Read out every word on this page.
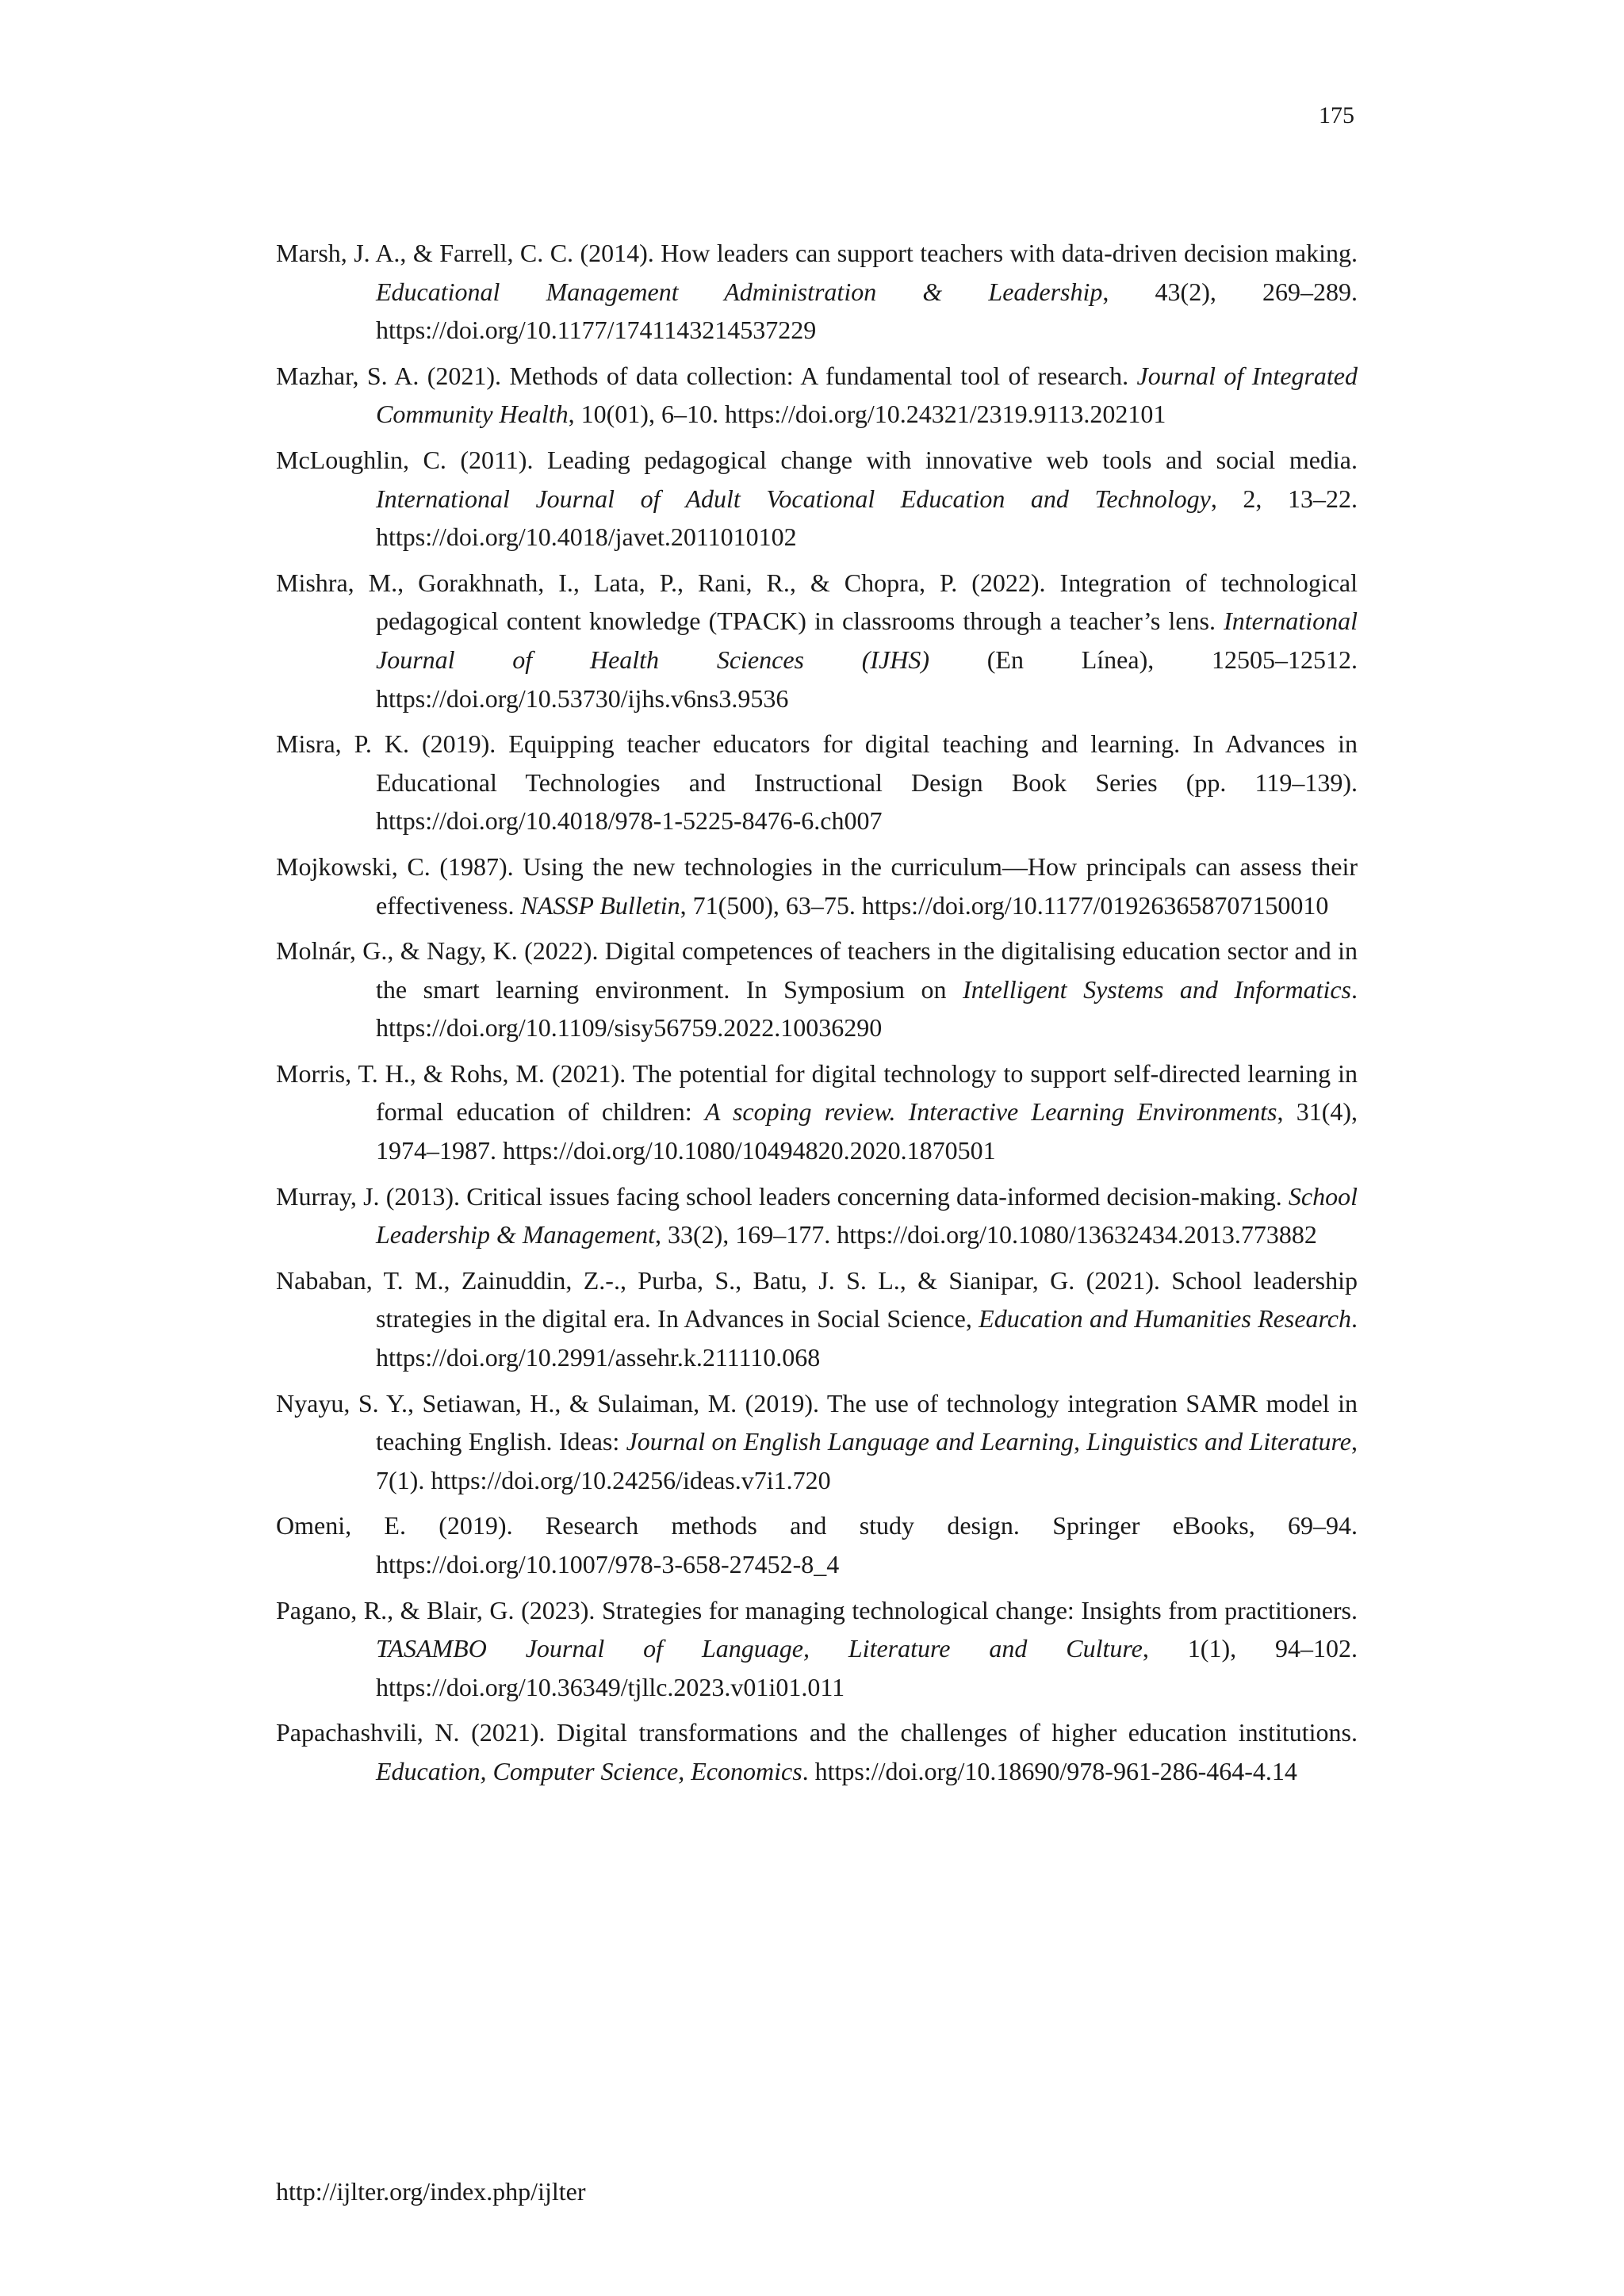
175

Marsh, J. A., & Farrell, C. C. (2014). How leaders can support teachers with data-driven decision making. Educational Management Administration & Leadership, 43(2), 269–289. https://doi.org/10.1177/1741143214537229

Mazhar, S. A. (2021). Methods of data collection: A fundamental tool of research. Journal of Integrated Community Health, 10(01), 6–10. https://doi.org/10.24321/2319.9113.202101

McLoughlin, C. (2011). Leading pedagogical change with innovative web tools and social media. International Journal of Adult Vocational Education and Technology, 2, 13–22. https://doi.org/10.4018/javet.2011010102

Mishra, M., Gorakhnath, I., Lata, P., Rani, R., & Chopra, P. (2022). Integration of technological pedagogical content knowledge (TPACK) in classrooms through a teacher’s lens. International Journal of Health Sciences (IJHS) (En Línea), 12505–12512. https://doi.org/10.53730/ijhs.v6ns3.9536

Misra, P. K. (2019). Equipping teacher educators for digital teaching and learning. In Advances in Educational Technologies and Instructional Design Book Series (pp. 119–139). https://doi.org/10.4018/978-1-5225-8476-6.ch007

Mojkowski, C. (1987). Using the new technologies in the curriculum—How principals can assess their effectiveness. NASSP Bulletin, 71(500), 63–75. https://doi.org/10.1177/019263658707150010

Molnár, G., & Nagy, K. (2022). Digital competences of teachers in the digitalising education sector and in the smart learning environment. In Symposium on Intelligent Systems and Informatics. https://doi.org/10.1109/sisy56759.2022.10036290

Morris, T. H., & Rohs, M. (2021). The potential for digital technology to support self-directed learning in formal education of children: A scoping review. Interactive Learning Environments, 31(4), 1974–1987. https://doi.org/10.1080/10494820.2020.1870501

Murray, J. (2013). Critical issues facing school leaders concerning data-informed decision-making. School Leadership & Management, 33(2), 169–177. https://doi.org/10.1080/13632434.2013.773882

Nababan, T. M., Zainuddin, Z.-., Purba, S., Batu, J. S. L., & Sianipar, G. (2021). School leadership strategies in the digital era. In Advances in Social Science, Education and Humanities Research. https://doi.org/10.2991/assehr.k.211110.068

Nyayu, S. Y., Setiawan, H., & Sulaiman, M. (2019). The use of technology integration SAMR model in teaching English. Ideas: Journal on English Language and Learning, Linguistics and Literature, 7(1). https://doi.org/10.24256/ideas.v7i1.720

Omeni, E. (2019). Research methods and study design. Springer eBooks, 69–94. https://doi.org/10.1007/978-3-658-27452-8_4

Pagano, R., & Blair, G. (2023). Strategies for managing technological change: Insights from practitioners. TASAMBO Journal of Language, Literature and Culture, 1(1), 94–102. https://doi.org/10.36349/tjllc.2023.v01i01.011

Papachashvili, N. (2021). Digital transformations and the challenges of higher education institutions. Education, Computer Science, Economics. https://doi.org/10.18690/978-961-286-464-4.14

http://ijlter.org/index.php/ijlter
